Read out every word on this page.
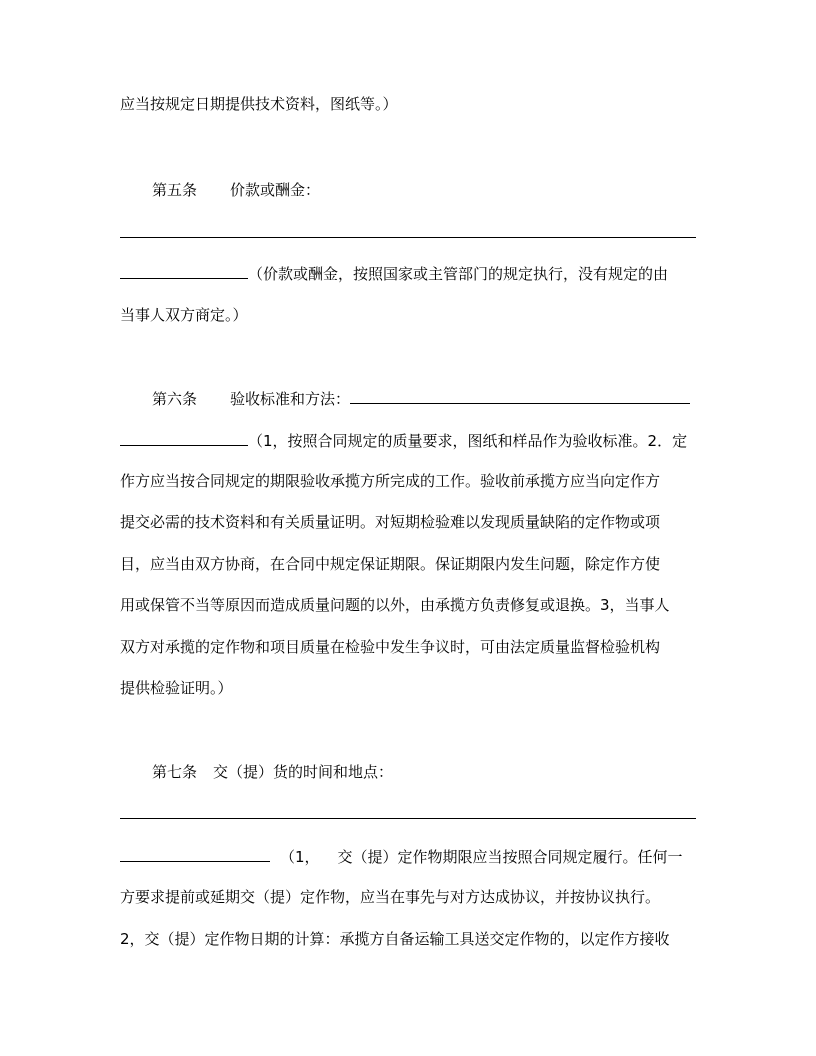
应当按规定日期提供技术资料，图纸等。）
第五条 价款或酬金：
（价款或酬金，按照国家或主管部门的规定执行，没有规定的由
当事人双方商定。）
第六条 验收标准和方法：
（1，按照合同规定的质量要求，图纸和样品作为验收标准。2．定
作方应当按合同规定的期限验收承揽方所完成的工作。验收前承揽方应当向定作方
提交必需的技术资料和有关质量证明。对短期检验难以发现质量缺陷的定作物或项
目，应当由双方协商，在合同中规定保证期限。保证期限内发生问题，除定作方使
用或保管不当等原因而造成质量问题的以外，由承揽方负责修复或退换。3，当事人
双方对承揽的定作物和项目质量在检验中发生争议时，可由法定质量监督检验机构
提供检验证明。）
第七条 交（提）货的时间和地点：
（1， 交（提）定作物期限应当按照合同规定履行。任何一
方要求提前或延期交（提）定作物，应当在事先与对方达成协议，并按协议执行。
2，交（提）定作物日期的计算：承揽方自备运输工具送交定作物的，以定作方接收
